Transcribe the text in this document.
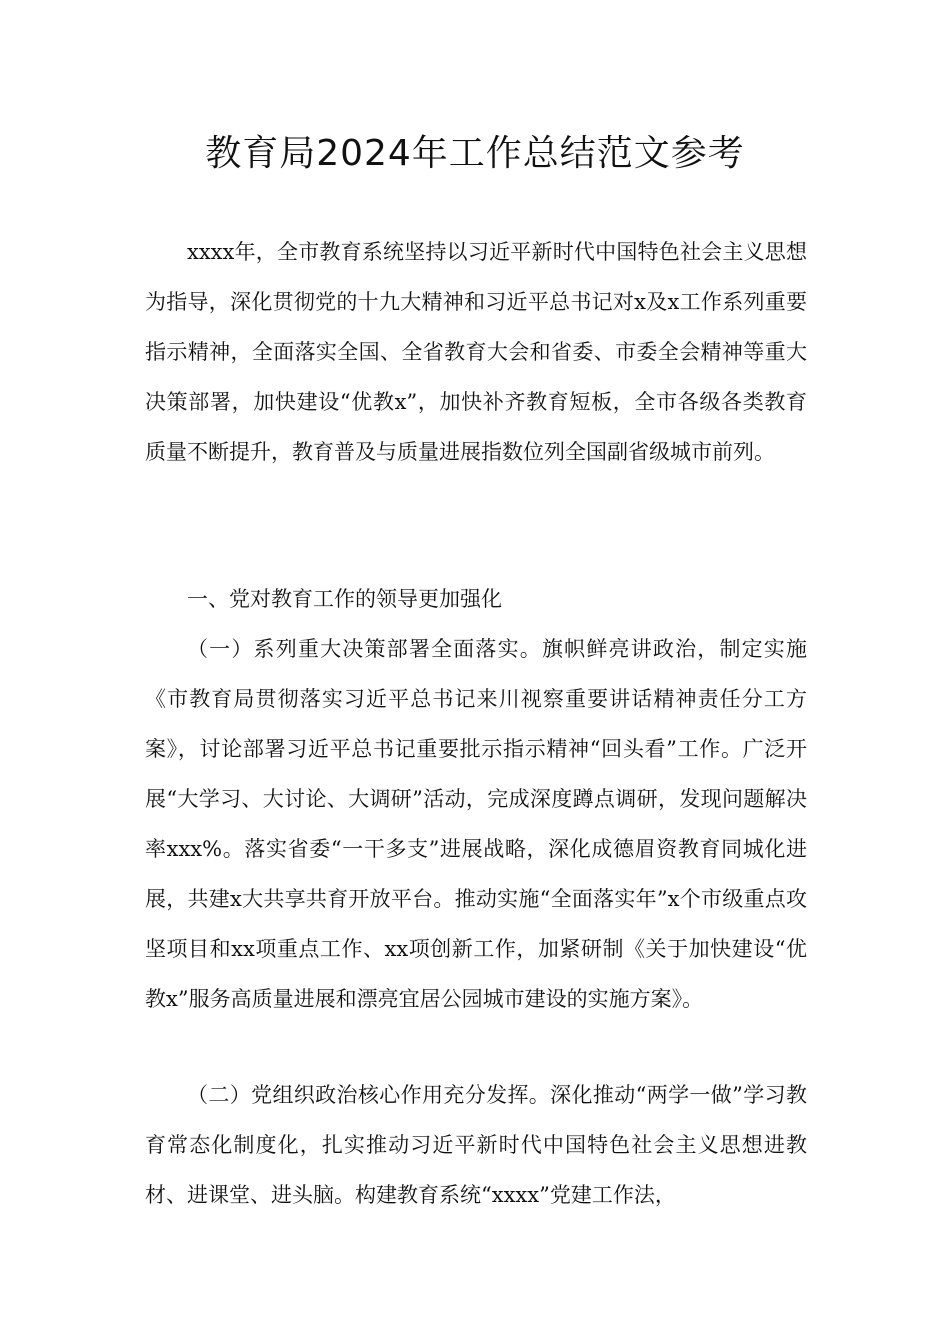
教育局2024年工作总结范文参考

xxxx年，全市教育系统坚持以习近平新时代中国特色社会主义思想为指导，深化贯彻党的十九大精神和习近平总书记对x及x工作系列重要指示精神，全面落实全国、全省教育大会和省委、市委全会精神等重大决策部署，加快建设“优教x”，加快补齐教育短板，全市各级各类教育质量不断提升，教育普及与质量进展指数位列全国副省级城市前列。

一、党对教育工作的领导更加强化

（一）系列重大决策部署全面落实。旗帜鲜亮讲政治，制定实施《市教育局贯彻落实习近平总书记来川视察重要讲话精神责任分工方案》，讨论部署习近平总书记重要批示指示精神“回头看”工作。广泛开展“大学习、大讨论、大调研”活动，完成深度蹲点调研，发现问题解决率xxx%。落实省委“一干多支”进展战略，深化成德眉资教育同城化进展，共建x大共享共育开放平台。推动实施“全面落实年”x个市级重点攻坚项目和xx项重点工作、xx项创新工作，加紧研制《关于加快建设“优教x”服务高质量进展和漂亮宜居公园城市建设的实施方案》。

（二）党组织政治核心作用充分发挥。深化推动“两学一做”学习教育常态化制度化，扎实推动习近平新时代中国特色社会主义思想进教材、进课堂、进头脑。构建教育系统“xxxx”党建工作法，
